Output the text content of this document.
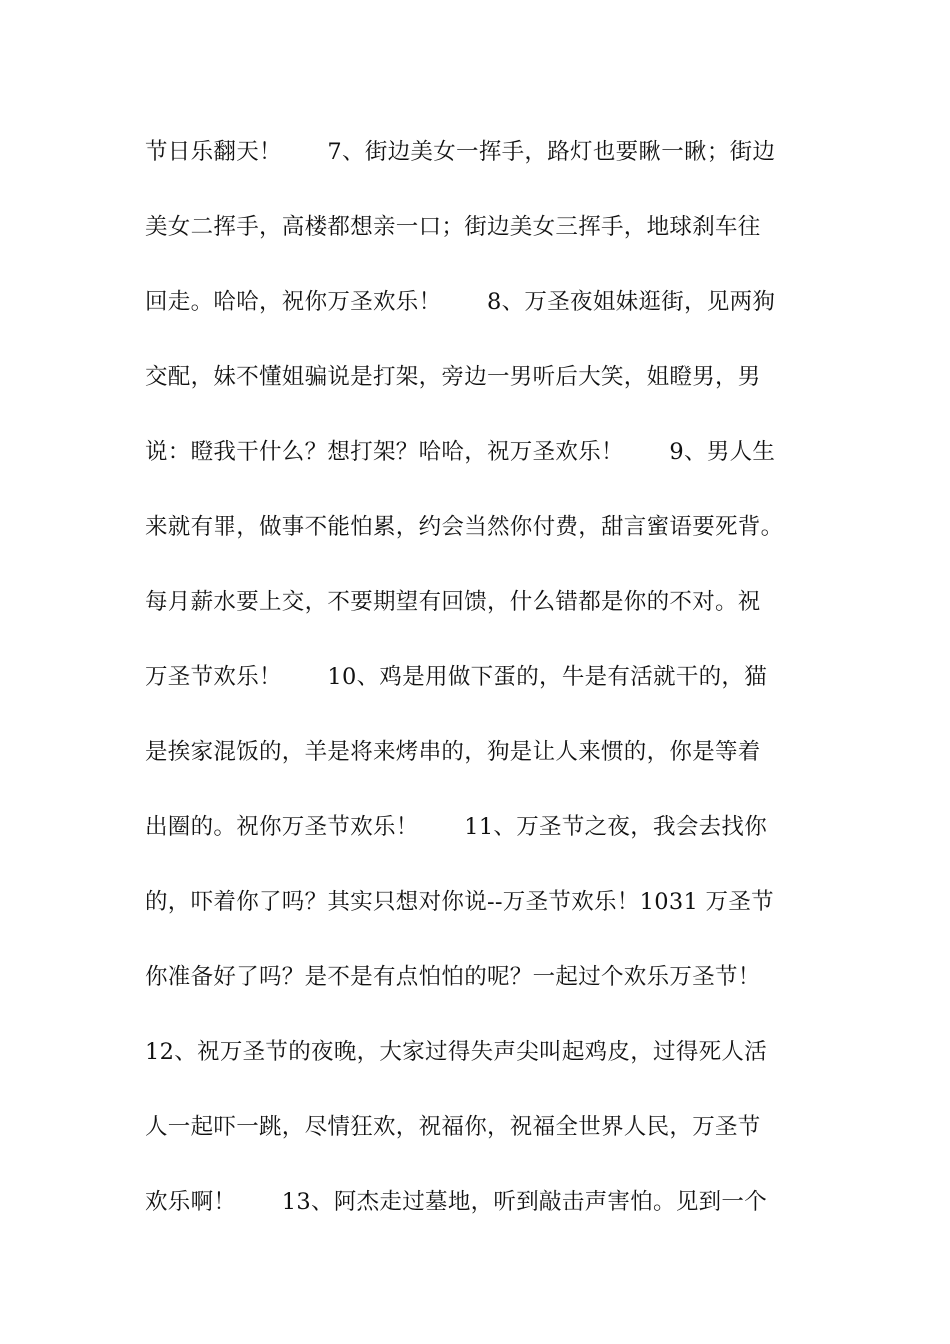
节日乐翻天！　　7、街边美女一挥手，路灯也要瞅一瞅；街边
美女二挥手，高楼都想亲一口；街边美女三挥手，地球刹车往
回走。哈哈，祝你万圣欢乐！　　8、万圣夜姐妹逛街，见两狗
交配，妹不懂姐骗说是打架，旁边一男听后大笑，姐瞪男，男
说：瞪我干什么？想打架？哈哈，祝万圣欢乐！　　9、男人生
来就有罪，做事不能怕累，约会当然你付费，甜言蜜语要死背。
每月薪水要上交，不要期望有回馈，什么错都是你的不对。祝
万圣节欢乐！　　10、鸡是用做下蛋的，牛是有活就干的，猫
是挨家混饭的，羊是将来烤串的，狗是让人来惯的，你是等着
出圈的。祝你万圣节欢乐！　　11、万圣节之夜，我会去找你
的，吓着你了吗？其实只想对你说--万圣节欢乐！1031 万圣节
你准备好了吗？是不是有点怕怕的呢？一起过个欢乐万圣节！
12、祝万圣节的夜晚，大家过得失声尖叫起鸡皮，过得死人活
人一起吓一跳，尽情狂欢，祝福你，祝福全世界人民，万圣节
欢乐啊！　　13、阿杰走过墓地，听到敲击声害怕。见到一个
